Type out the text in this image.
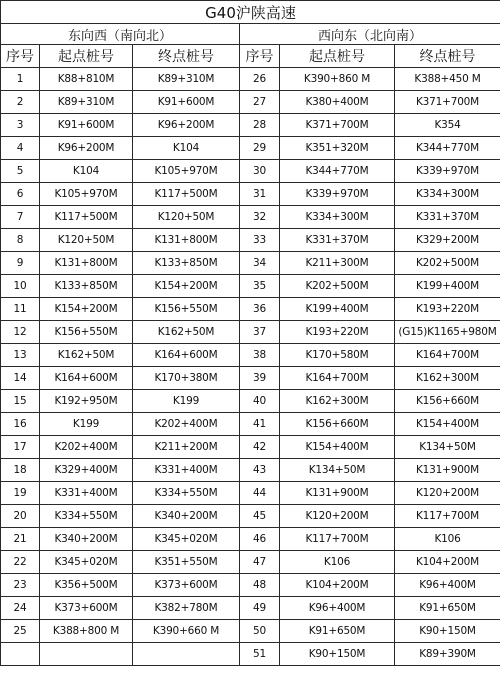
G40沪陕高速					
东向西（南向北）			西向东（北向南）		
序号	起点桩号	终点桩号	序号	起点桩号	终点桩号
1	K88+810M	K89+310M	26	K390+860 M	K388+450 M
2	K89+310M	K91+600M	27	K380+400M	K371+700M
3	K91+600M	K96+200M	28	K371+700M	K354
4	K96+200M	K104	29	K351+320M	K344+770M
5	K104	K105+970M	30	K344+770M	K339+970M
6	K105+970M	K117+500M	31	K339+970M	K334+300M
7	K117+500M	K120+50M	32	K334+300M	K331+370M
8	K120+50M	K131+800M	33	K331+370M	K329+200M
9	K131+800M	K133+850M	34	K211+300M	K202+500M
10	K133+850M	K154+200M	35	K202+500M	K199+400M
11	K154+200M	K156+550M	36	K199+400M	K193+220M
12	K156+550M	K162+50M	37	K193+220M	(G15)K1165+980M
13	K162+50M	K164+600M	38	K170+580M	K164+700M
14	K164+600M	K170+380M	39	K164+700M	K162+300M
15	K192+950M	K199	40	K162+300M	K156+660M
16	K199	K202+400M	41	K156+660M	K154+400M
17	K202+400M	K211+200M	42	K154+400M	K134+50M
18	K329+400M	K331+400M	43	K134+50M	K131+900M
19	K331+400M	K334+550M	44	K131+900M	K120+200M
20	K334+550M	K340+200M	45	K120+200M	K117+700M
21	K340+200M	K345+020M	46	K117+700M	K106
22	K345+020M	K351+550M	47	K106	K104+200M
23	K356+500M	K373+600M	48	K104+200M	K96+400M
24	K373+600M	K382+780M	49	K96+400M	K91+650M
25	K388+800 M	K390+660 M	50	K91+650M	K90+150M
			51	K90+150M	K89+390M
